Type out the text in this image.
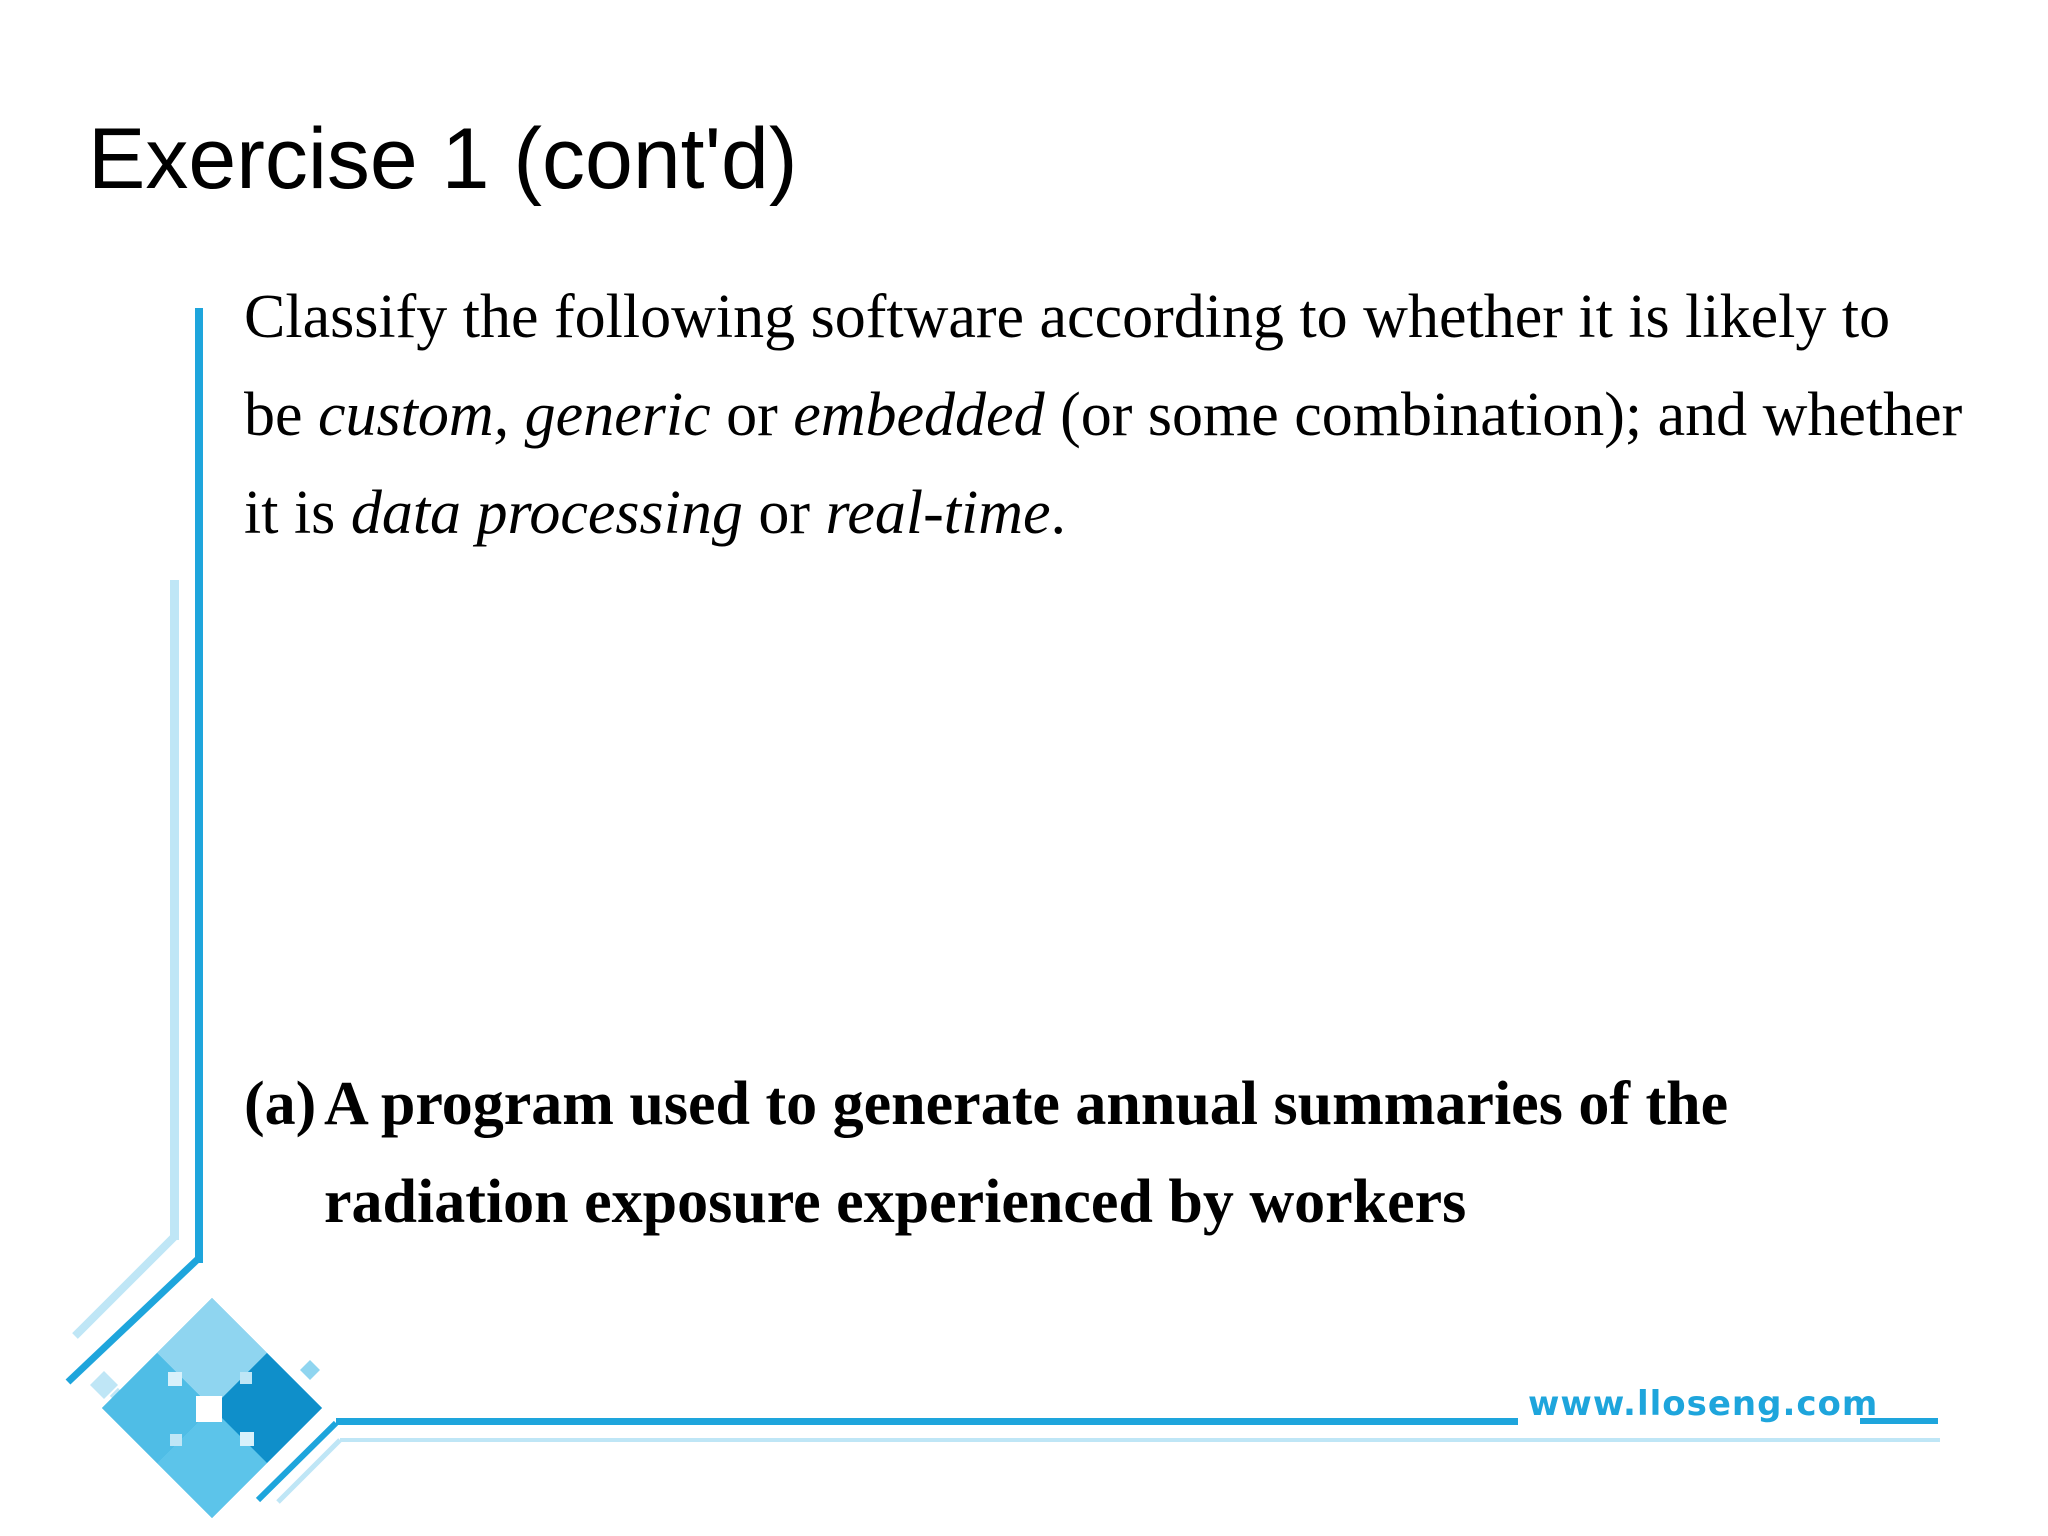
Exercise 1 (cont'd)

Classify the following software according to whether it is likely to be custom, generic or embedded (or some combination); and whether it is data processing or real-time.

(a) A program used to generate annual summaries of the radiation exposure experienced by workers
www.lloseng.com
